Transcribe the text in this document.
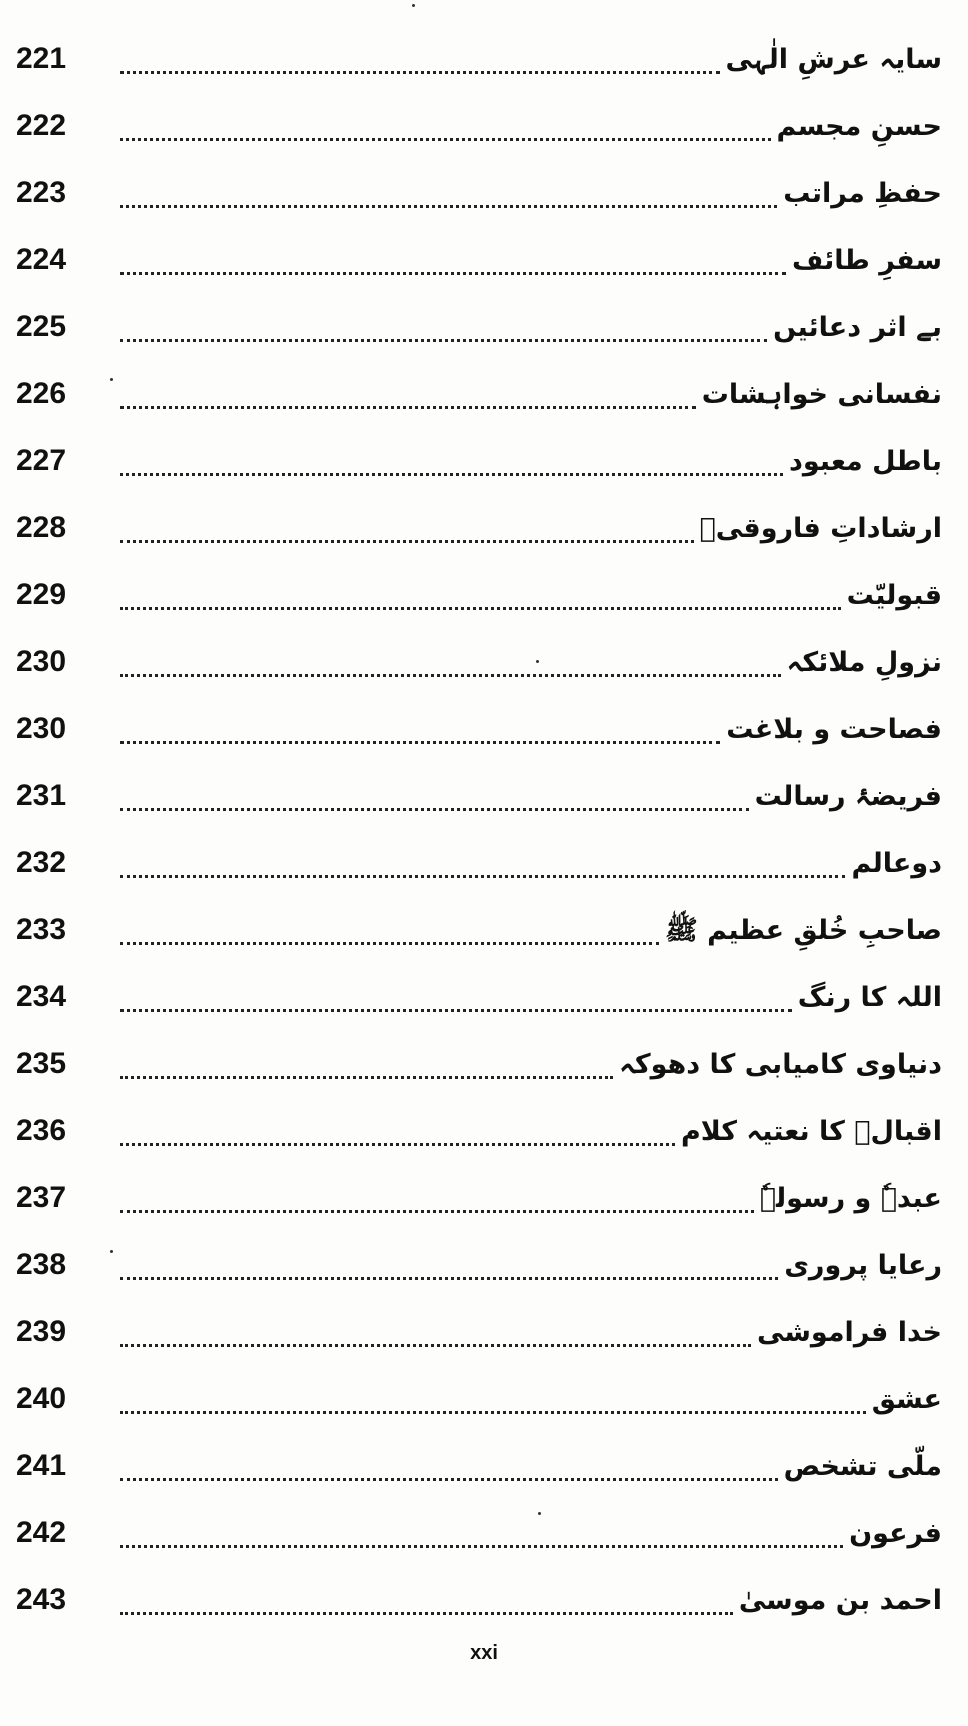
221	سایہ عرشِ الٰہی
222	حسنِ مجسم
223	حفظِ مراتب
224	سفرِ طائف
225	بے اثر دعائیں
226	نفسانی خواہشات
227	باطل معبود
228	ارشاداتِ فاروقیؓ
229	قبولیّت
230	نزولِ ملائکہ
230	فصاحت و بلاغت
231	فریضۂ رسالت
232	دوعالم
233	صاحبِ خُلقِ عظیم ﷺ
234	اللہ کا رنگ
235	دنیاوی کامیابی کا دھوکہ
236	اقبالؒ کا نعتیہ کلام
237	عبدہٗ و رسولہٗ
238	رعایا پروری
239	خدا فراموشی
240	عشق
241	ملّی تشخص
242	فرعون
243	احمد بن موسیٰ
xxi
